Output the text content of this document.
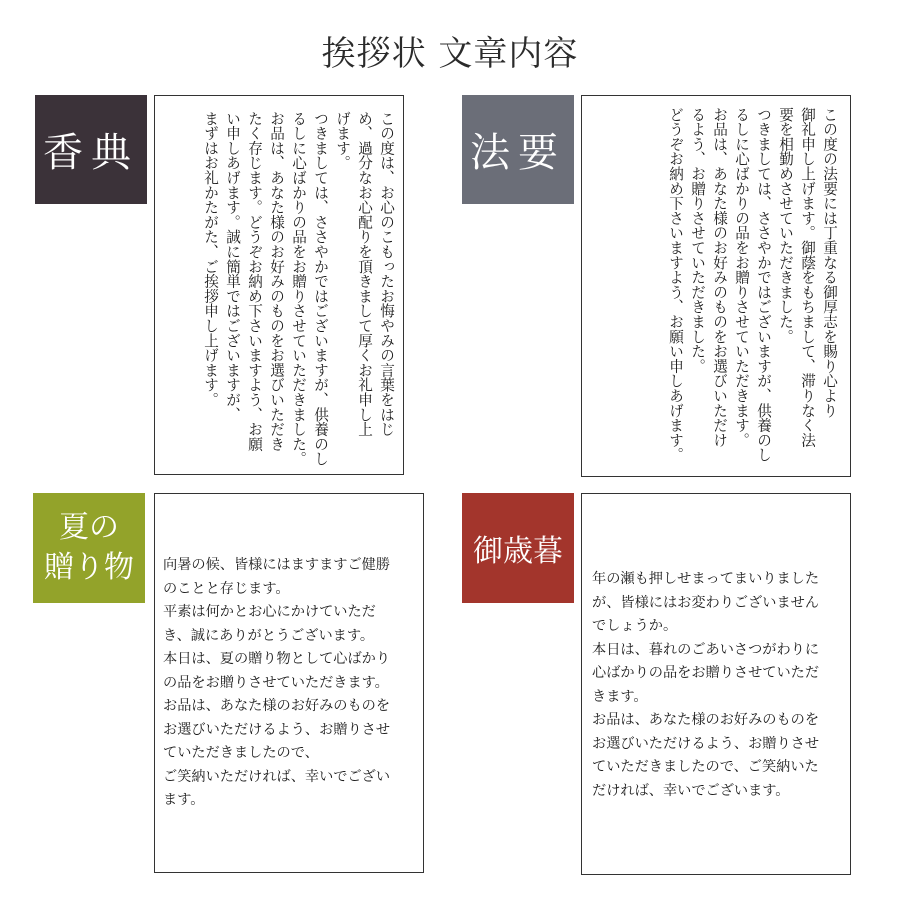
挨拶状 文章内容
香典	この度は、お心のこもったお悔やみの言葉をはじ
め、過分なお心配りを頂きまして厚くお礼申し上
げます。
つきましては、ささやかではございますが、供養のし
るしに心ばかりの品をお贈りさせていただきました。
お品は、あなた様のお好みのものをお選びいただき
たく存じます。どうぞお納め下さいますよう、お願
い申しあげます。誠に簡単ではございますが、
まずはお礼かたがた、ご挨拶申し上げます。	法要	この度の法要には丁重なる御厚志を賜り心より
御礼申し上げます。御蔭をもちまして、滞りなく法
要を相勤めさせていただきました。
つきましては、ささやかではございますが、供養のし
るしに心ばかりの品をお贈りさせていただきます。
お品は、あなた様のお好みのものをお選びいただけ
るよう、お贈りさせていただきました。
どうぞお納め下さいますよう、お願い申しあげます。
夏の
贈り物 向暑の候、皆様にはますますご健勝
のことと存じます。
平素は何かとお心にかけていただ
き、誠にありがとうございます。
本日は、夏の贈り物として心ばかり
の品をお贈りさせていただきます。
お品は、あなた様のお好みのものを
お選びいただけるよう、お贈りさせ
ていただきましたので、
ご笑納いただければ、幸いでござい
ます。
御歳暮
年の瀬も押しせまってまいりました
が、皆様にはお変わりございません
でしょうか。
本日は、暮れのごあいさつがわりに
心ばかりの品をお贈りさせていただ
きます。
お品は、あなた様のお好みのものを
お選びいただけるよう、お贈りさせ
ていただきましたので、ご笑納いた
だければ、幸いでございます。
